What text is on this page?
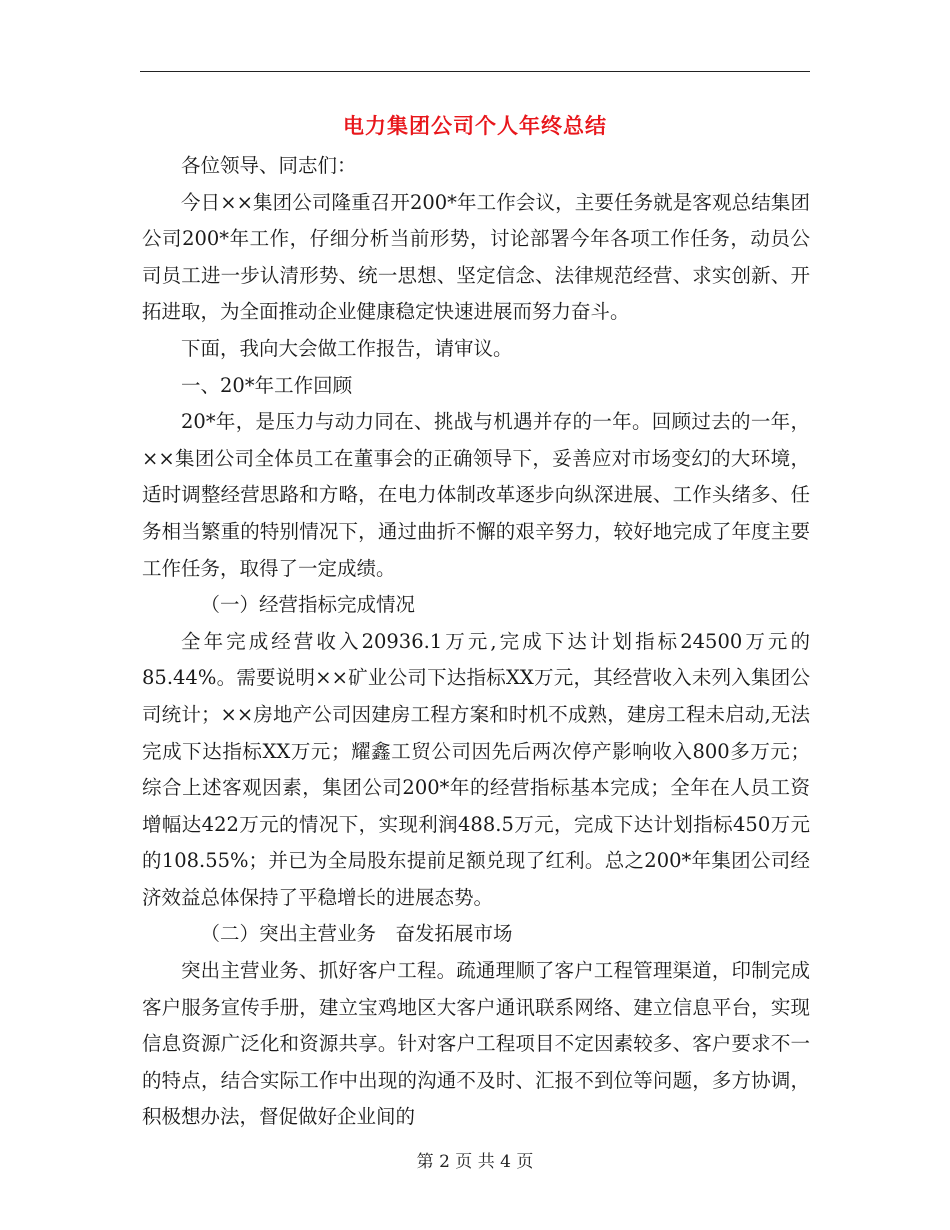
电力集团公司个人年终总结

各位领导、同志们：

今日××集团公司隆重召开200*年工作会议，主要任务就是客观总结集团公司200*年工作，仔细分析当前形势，讨论部署今年各项工作任务，动员公司员工进一步认清形势、统一思想、坚定信念、法律规范经营、求实创新、开拓进取，为全面推动企业健康稳定快速进展而努力奋斗。

下面，我向大会做工作报告，请审议。

一、20*年工作回顾

20*年，是压力与动力同在、挑战与机遇并存的一年。回顾过去的一年，××集团公司全体员工在董事会的正确领导下，妥善应对市场变幻的大环境，适时调整经营思路和方略，在电力体制改革逐步向纵深进展、工作头绪多、任务相当繁重的特别情况下，通过曲折不懈的艰辛努力，较好地完成了年度主要工作任务，取得了一定成绩。

（一）经营指标完成情况

全年完成经营收入20936.1万元,完成下达计划指标24500万元的85.44%。需要说明××矿业公司下达指标XX万元，其经营收入未列入集团公司统计；××房地产公司因建房工程方案和时机不成熟，建房工程未启动,无法完成下达指标XX万元；耀鑫工贸公司因先后两次停产影响收入800多万元；综合上述客观因素，集团公司200*年的经营指标基本完成；全年在人员工资增幅达422万元的情况下，实现利润488.5万元，完成下达计划指标450万元的108.55%；并已为全局股东提前足额兑现了红利。总之200*年集团公司经济效益总体保持了平稳增长的进展态势。

（二）突出主营业务　奋发拓展市场

突出主营业务、抓好客户工程。疏通理顺了客户工程管理渠道，印制完成客户服务宣传手册，建立宝鸡地区大客户通讯联系网络、建立信息平台，实现信息资源广泛化和资源共享。针对客户工程项目不定因素较多、客户要求不一的特点，结合实际工作中出现的沟通不及时、汇报不到位等问题，多方协调，积极想办法，督促做好企业间的

第 2 页 共 4 页
